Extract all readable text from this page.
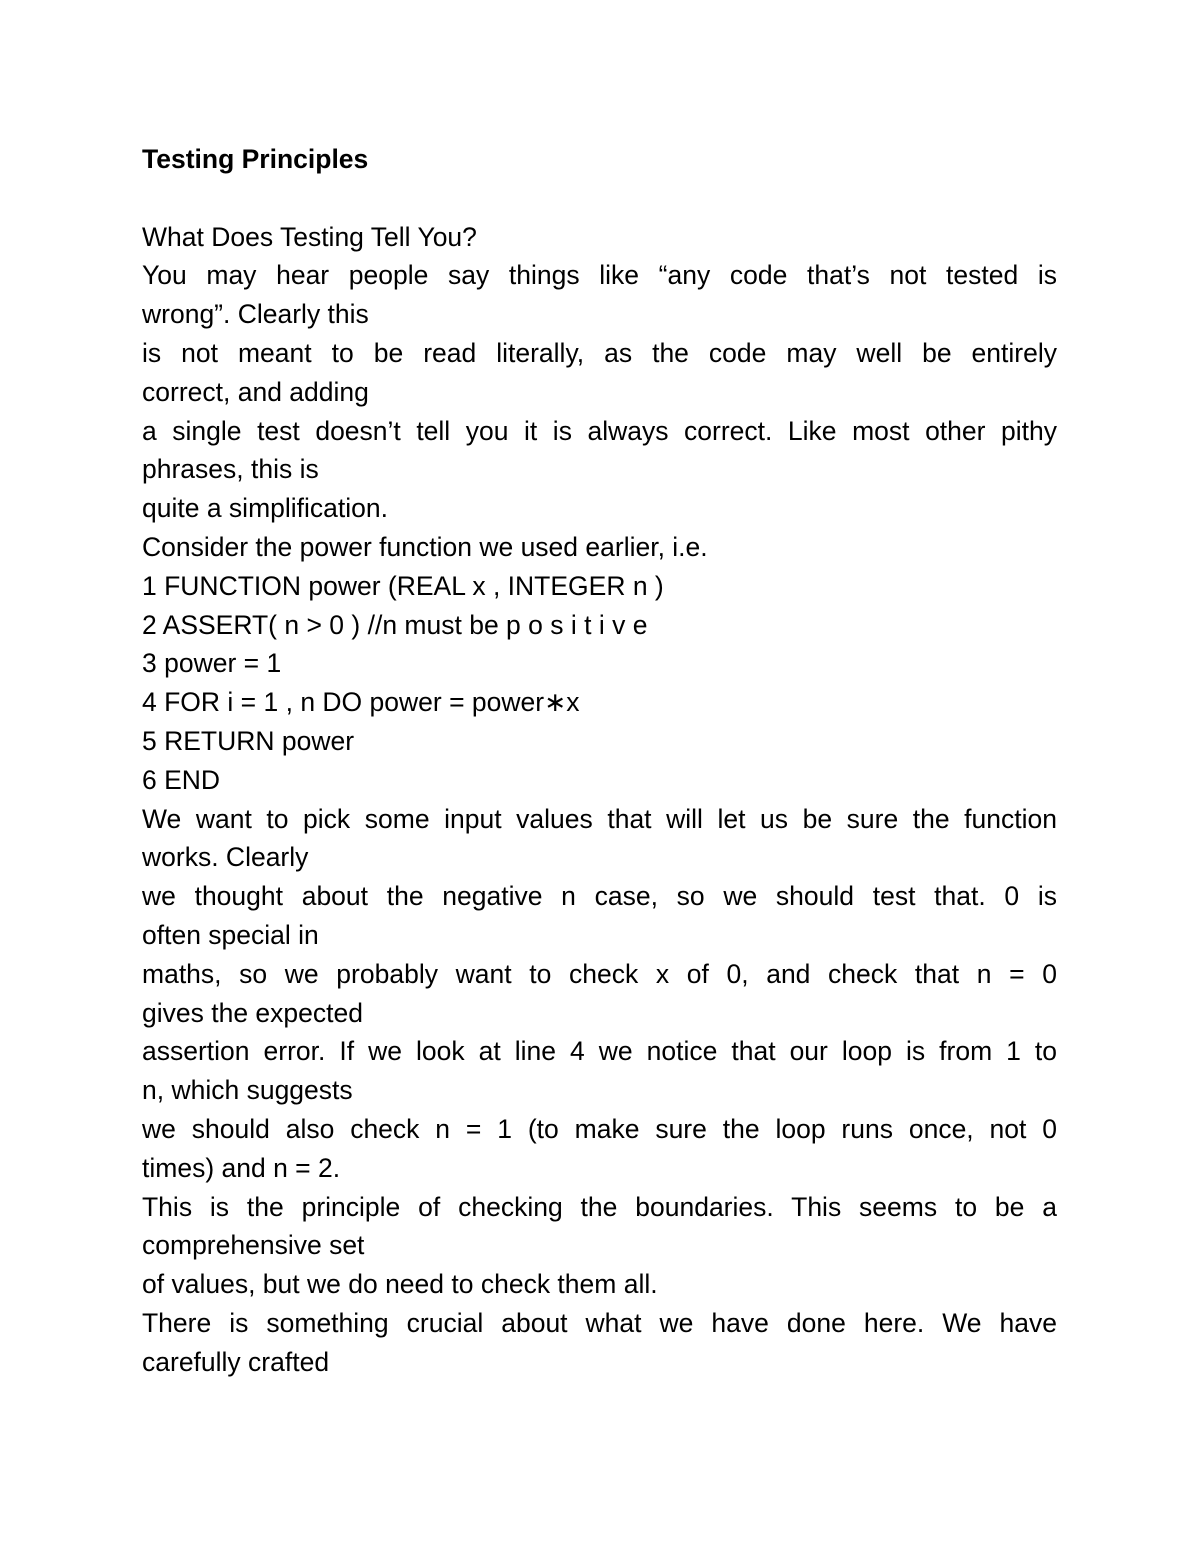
Testing Principles
What Does Testing Tell You?
You may hear people say things like “any code that’s not tested is
wrong”. Clearly this
is not meant to be read literally, as the code may well be entirely
correct, and adding
a single test doesn’t tell you it is always correct. Like most other pithy
phrases, this is
quite a simplification.
Consider the power function we used earlier, i.e.
1 FUNCTION power (REAL x , INTEGER n )
2 ASSERT( n > 0 ) //n must be p o s i t i v e
3 power = 1
4 FOR i = 1 , n DO power = power∗x
5 RETURN power
6 END
We want to pick some input values that will let us be sure the function
works. Clearly
we thought about the negative n case, so we should test that. 0 is
often special in
maths, so we probably want to check x of 0, and check that n = 0
gives the expected
assertion error. If we look at line 4 we notice that our loop is from 1 to
n, which suggests
we should also check n = 1 (to make sure the loop runs once, not 0
times) and n = 2.
This is the principle of checking the boundaries. This seems to be a
comprehensive set
of values, but we do need to check them all.
There is something crucial about what we have done here. We have
carefully crafted
